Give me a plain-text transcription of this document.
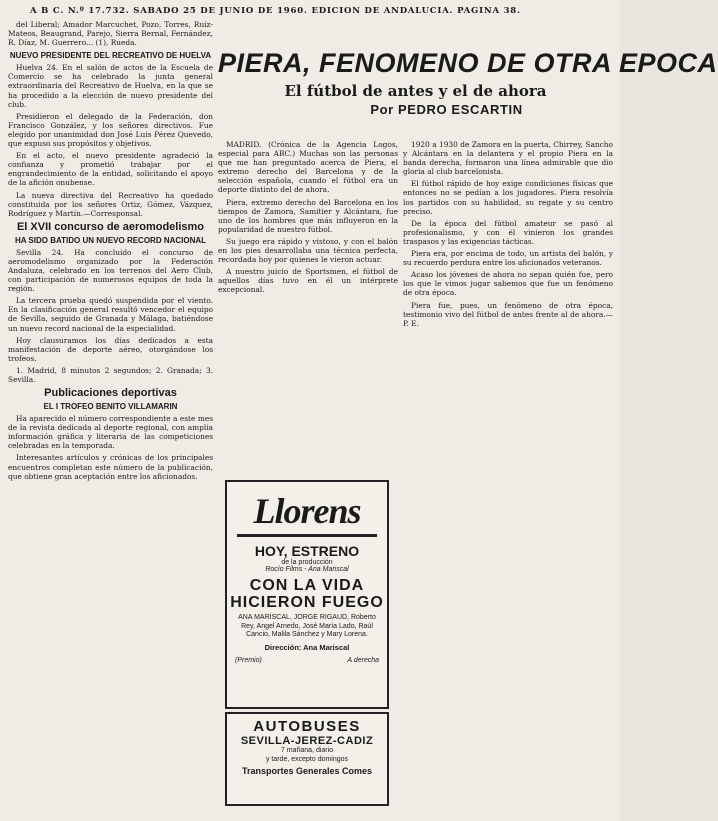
A B C. N.º 17.732. SABADO 25 DE JUNIO DE 1960. EDICION DE ANDALUCIA. PAGINA 38.

del Liberal; Amador Marcuchet, Pozo, Torres, Ruiz-Mateos, Beaugrand, Parejo, Sierra Bernal, Fernández, R. Díaz, M. Guerrero... (1), Rueda.

NUEVO PRESIDENTE DEL RECREATIVO DE HUELVA

Huelva 24. En el salón de actos de la Escuela de Comercio se ha celebrado la junta general extraordinaria del Recreativo de Huelva, en la que se ha procedido a la elección de nuevo presidente del club.

Presidieron el delegado de la Federación, don Francisco González, y los señores directivos. Fue elegido por unanimidad don José Luis Pérez Quevedo, que expuso sus propósitos y objetivos.

En el acto, el nuevo presidente agradeció la confianza y prometió trabajar por el engrandecimiento de la entidad, solicitando el apoyo de la afición onubense.

La nueva directiva del Recreativo ha quedado constituida por los señores Ortiz, Gómez, Vázquez, Rodríguez y Martín.—Corresponsal.

El XVII concurso de aeromodelismo
HA SIDO BATIDO UN NUEVO RECORD NACIONAL

Sevilla 24. Ha concluido el concurso de aeromodelismo organizado por la Federación Andaluza, celebrado en los terrenos del Aero Club, con participación de numerosos equipos de toda la región.

La tercera prueba quedó suspendida por el viento. En la clasificación general resultó vencedor el equipo de Sevilla, seguido de Granada y Málaga, batiéndose un nuevo record nacional de la especialidad.

Hoy clausuramos los días dedicados a esta manifestación de deporte aéreo, otorgándose los trofeos.

1. Madrid, 8 minutos 2 segundos; 2. Granada; 3. Sevilla.

Publicaciones deportivas
EL I TROFEO BENITO VILLAMARIN

Ha aparecido el número correspondiente a este mes de la revista dedicada al deporte regional, con amplia información gráfica y literaria de las competiciones celebradas en la temporada.

Interesantes artículos y crónicas de los principales encuentros completan este número de la publicación, que obtiene gran aceptación entre los aficionados.

PIERA, FENOMENO DE OTRA EPOCA
El fútbol de antes y el de ahora
Por PEDRO ESCARTIN

MADRID. (Crónica de la Agencia Logos, especial para ABC.) Muchas son las personas que me han preguntado acerca de Piera, el extremo derecho del Barcelona y de la selección española, cuando el fútbol era un deporte distinto del de ahora.

Piera, extremo derecho del Barcelona en los tiempos de Zamora, Samitier y Alcántara, fue uno de los hombres que más influyeron en la popularidad de nuestro fútbol.

Su juego era rápido y vistoso, y con el balón en los pies desarrollaba una técnica perfecta, recordada hoy por quienes le vieron actuar.

A nuestro juicio de Sportsmen, el fútbol de aquellos días tuvo en él un intérprete excepcional.

1920 a 1930 de Zamora en la puerta, Chirrey, Sancho y Alcántara en la delantera y el propio Piera en la banda derecha, formaron una línea admirable que dio gloria al club barcelonista.

El fútbol rápido de hoy exige condiciones físicas que entonces no se pedían a los jugadores. Piera resolvía los partidos con su habilidad, su regate y su centro preciso.

De la época del fútbol amateur se pasó al profesionalismo, y con él vinieron los grandes traspasos y las exigencias tácticas.

Piera era, por encima de todo, un artista del balón, y su recuerdo perdura entre los aficionados veteranos.

Acaso los jóvenes de ahora no sepan quién fue, pero los que le vimos jugar sabemos que fue un fenómeno de otra época.

Piera fue, pues, un fenómeno de otra época, testimonio vivo del fútbol de antes frente al de ahora.—P. E.

Llorens
HOY, ESTRENO
de la producción
Rocío Films - Ana Mariscal
CON LA VIDA HICIERON FUEGO
ANA MARISCAL, JORGE RIGAUD, Roberto Rey, Angel Arnedo, José María Lado, Raúl Cancio, Malila Sánchez y Mary Lorena.
Dirección: Ana Mariscal
(Premio)	A derecha
AUTOBUSES
SEVILLA-JEREZ-CADIZ
7 mañana, diario
y tarde, excepto domingos
Transportes Generales Comes
